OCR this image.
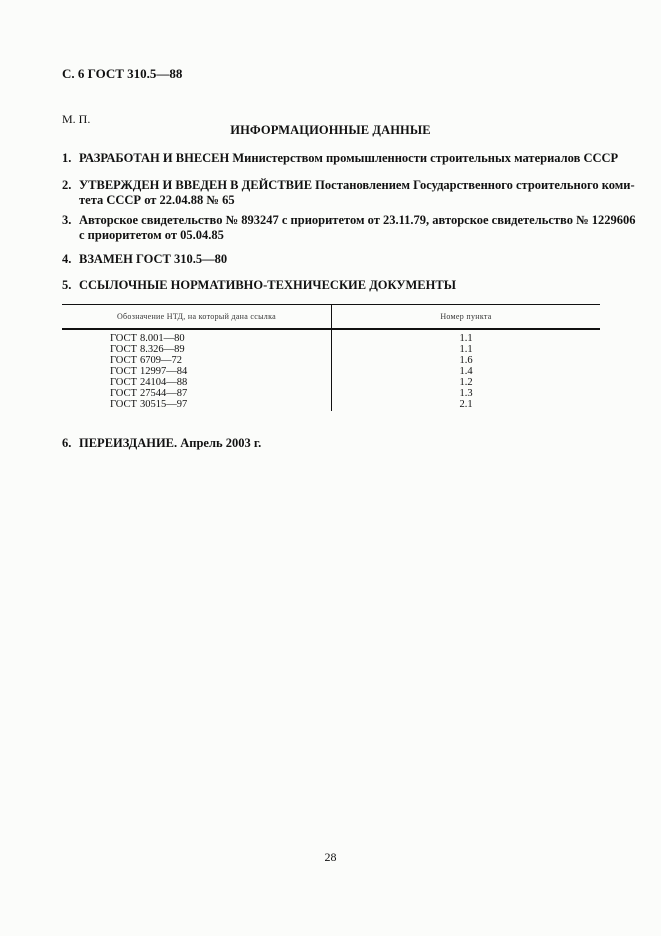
С. 6 ГОСТ 310.5—88
М. П.
ИНФОРМАЦИОННЫЕ ДАННЫЕ
1. РАЗРАБОТАН И ВНЕСЕН Министерством промышленности строительных материалов СССР
2. УТВЕРЖДЕН И ВВЕДЕН В ДЕЙСТВИЕ Постановлением Государственного строительного коми-
тета СССР от 22.04.88 № 65
3. Авторское свидетельство № 893247 с приоритетом от 23.11.79, авторское свидетельство № 1229606
с приоритетом от 05.04.85
4. ВЗАМЕН ГОСТ 310.5—80
5. ССЫЛОЧНЫЕ НОРМАТИВНО-ТЕХНИЧЕСКИЕ ДОКУМЕНТЫ
Обозначение НТД, на который дана ссылка	Номер пункта
ГОСТ 8.001—80
ГОСТ 8.326—89
ГОСТ 6709—72
ГОСТ 12997—84
ГОСТ 24104—88
ГОСТ 27544—87
ГОСТ 30515—97
1.1
1.1
1.6
1.4
1.2
1.3
2.1
6. ПЕРЕИЗДАНИЕ. Апрель 2003 г.
28
